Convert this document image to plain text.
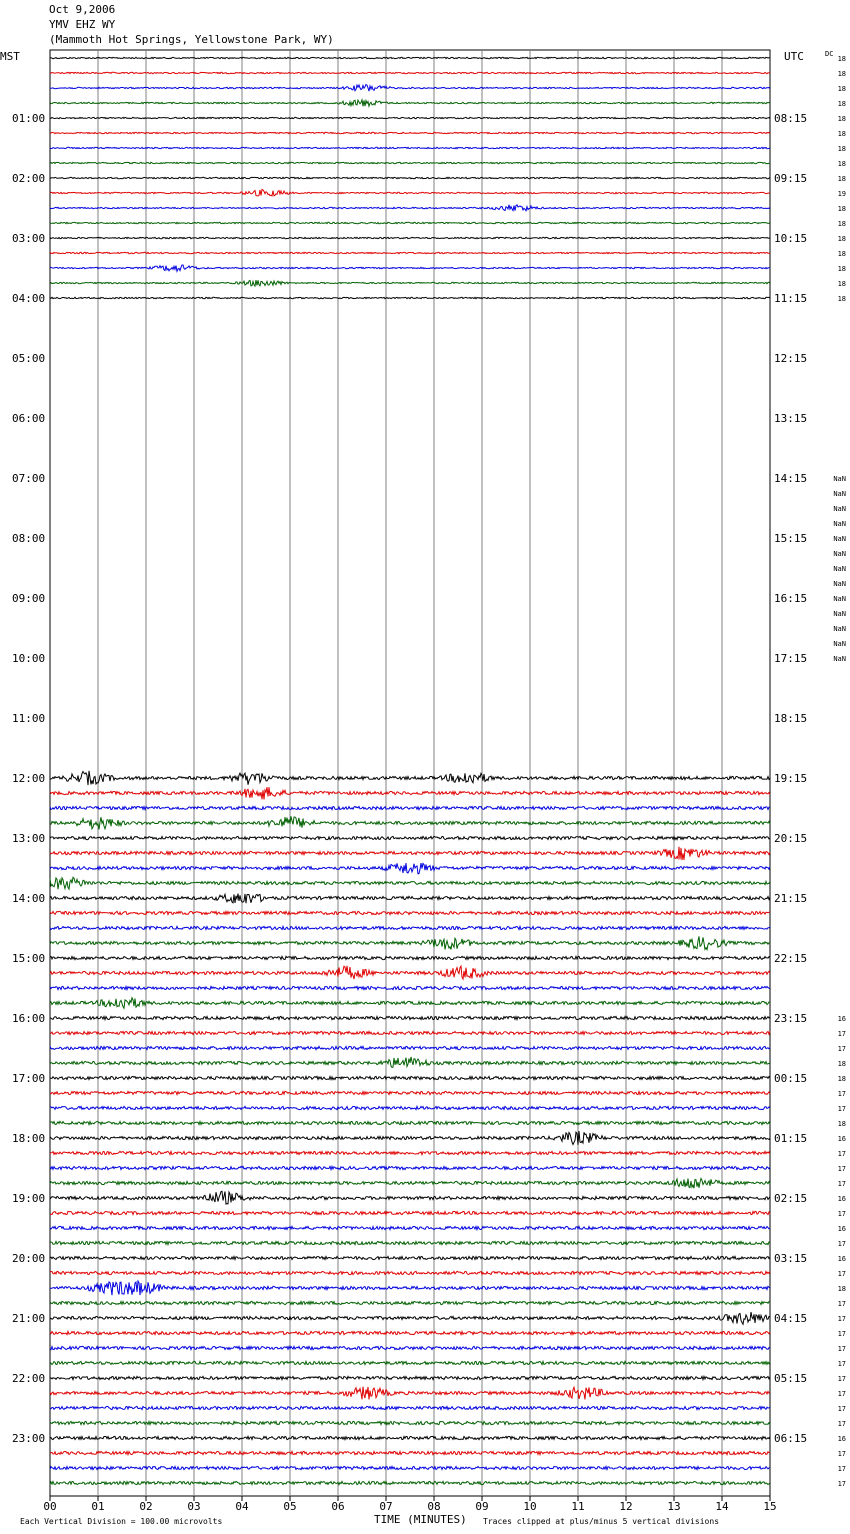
Oct 9,2006
YMV EHZ WY
(Mammoth Hot Springs, Yellowstone Park, WY)
00	01	02	03	04	05	06	07	08	09	10	11	12	13	14	15
MST	UTC	DC
01:00	08:15
02:00	09:15
03:00	10:15
04:00	11:15
05:00	12:15
06:00	13:15
07:00	14:15
08:00	15:15
09:00	16:15
10:00	17:15
11:00	18:15
12:00	19:15
13:00	20:15
14:00	21:15
15:00	22:15
16:00	23:15
17:00	00:15
18:00	01:15
19:00	02:15
20:00	03:15
21:00	04:15
22:00	05:15
23:00	06:15
18
18
18
18
18
18
18
18
18
19
18
18
18
18
18
18
18
NaN
NaN
NaN
NaN
NaN
NaN
NaN
NaN
NaN
NaN
NaN
NaN
NaN
16
17
17
18
18
17
17
18
16
17
17
17
16
17
16
17
16
17
18
17
17
17
17
17
17
17
17
17
16
17
17
17
Each Vertical Division = 100.00 microvolts	TIME (MINUTES) Traces clipped at plus/minus 5 vertical divisions
